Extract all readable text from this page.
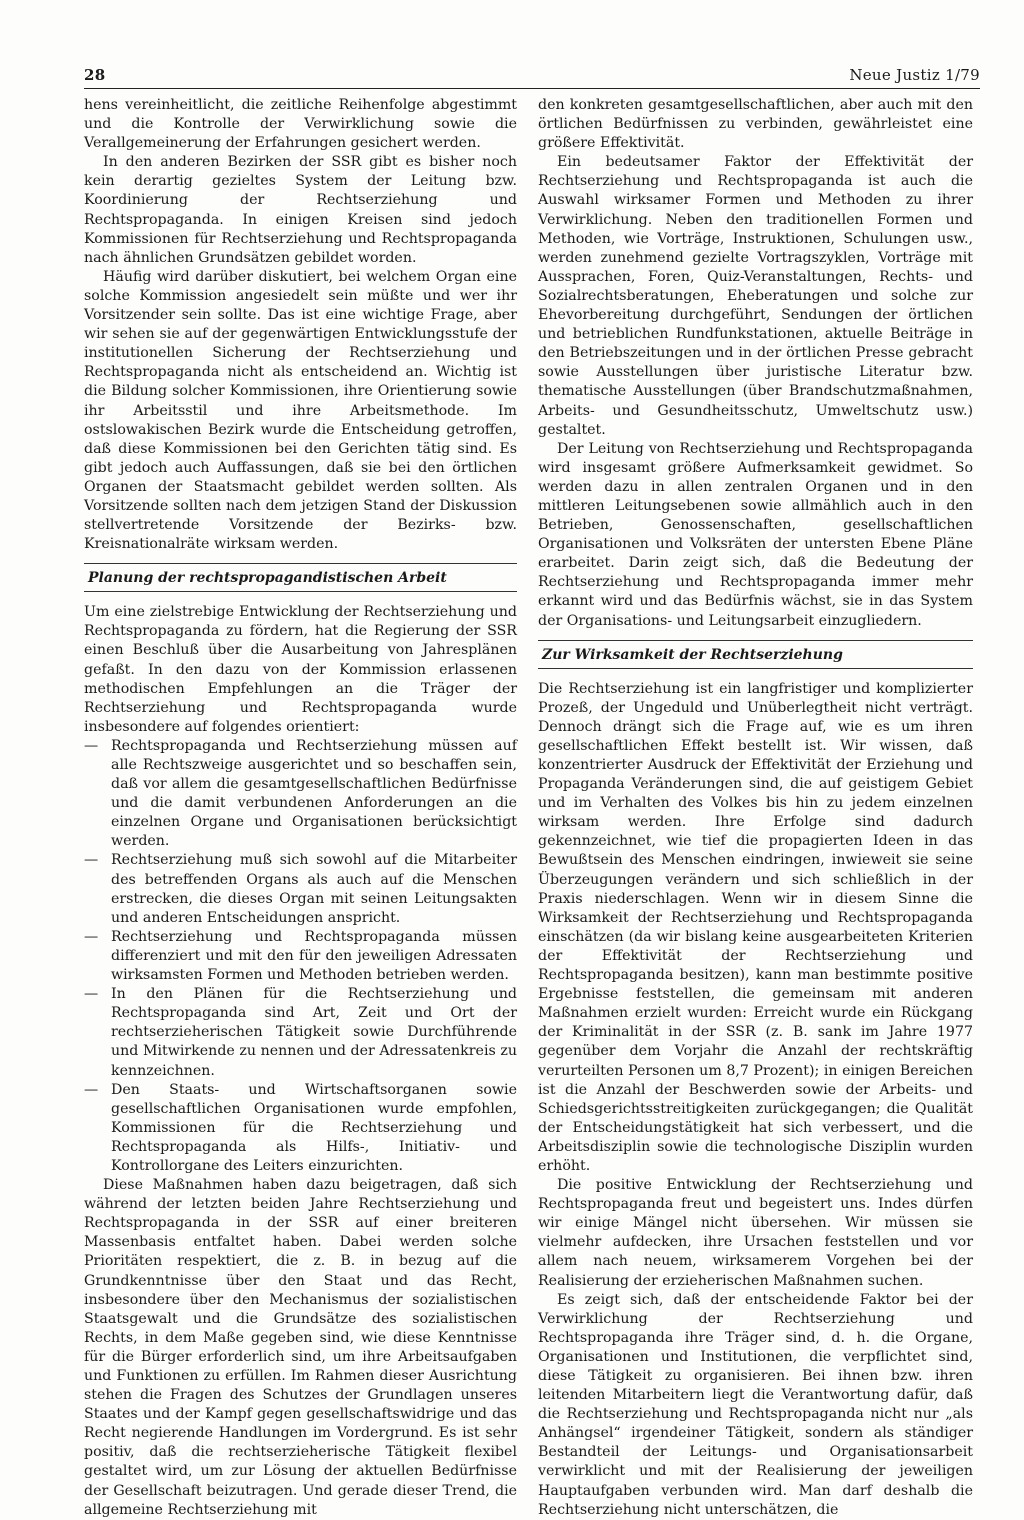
28	Neue Justiz 1/79

hens vereinheitlicht, die zeitliche Reihenfolge abgestimmt und die Kontrolle der Verwirklichung sowie die Verallgemeinerung der Erfahrungen gesichert werden.

In den anderen Bezirken der SSR gibt es bisher noch kein derartig gezieltes System der Leitung bzw. Koordinierung der Rechtserziehung und Rechtspropaganda. In einigen Kreisen sind jedoch Kommissionen für Rechtserziehung und Rechtspropaganda nach ähnlichen Grundsätzen gebildet worden.

Häufig wird darüber diskutiert, bei welchem Organ eine solche Kommission angesiedelt sein müßte und wer ihr Vorsitzender sein sollte. Das ist eine wichtige Frage, aber wir sehen sie auf der gegenwärtigen Entwicklungsstufe der institutionellen Sicherung der Rechtserziehung und Rechtspropaganda nicht als entscheidend an. Wichtig ist die Bildung solcher Kommissionen, ihre Orientierung sowie ihr Arbeitsstil und ihre Arbeitsmethode. Im ostslowakischen Bezirk wurde die Entscheidung getroffen, daß diese Kommissionen bei den Gerichten tätig sind. Es gibt jedoch auch Auffassungen, daß sie bei den örtlichen Organen der Staatsmacht gebildet werden sollten. Als Vorsitzende sollten nach dem jetzigen Stand der Diskussion stellvertretende Vorsitzende der Bezirks- bzw. Kreisnationalräte wirksam werden.

Planung der rechtspropagandistischen Arbeit

Um eine zielstrebige Entwicklung der Rechtserziehung und Rechtspropaganda zu fördern, hat die Regierung der SSR einen Beschluß über die Ausarbeitung von Jahresplänen gefaßt. In den dazu von der Kommission erlassenen methodischen Empfehlungen an die Träger der Rechtserziehung und Rechtspropaganda wurde insbesondere auf folgendes orientiert:

— Rechtspropaganda und Rechtserziehung müssen auf alle Rechtszweige ausgerichtet und so beschaffen sein, daß vor allem die gesamtgesellschaftlichen Bedürfnisse und die damit verbundenen Anforderungen an die einzelnen Organe und Organisationen berücksichtigt werden.
— Rechtserziehung muß sich sowohl auf die Mitarbeiter des betreffenden Organs als auch auf die Menschen erstrecken, die dieses Organ mit seinen Leitungsakten und anderen Entscheidungen anspricht.
— Rechtserziehung und Rechtspropaganda müssen differenziert und mit den für den jeweiligen Adressaten wirksamsten Formen und Methoden betrieben werden.
— In den Plänen für die Rechtserziehung und Rechtspropaganda sind Art, Zeit und Ort der rechtserzieherischen Tätigkeit sowie Durchführende und Mitwirkende zu nennen und der Adressatenkreis zu kennzeichnen.
— Den Staats- und Wirtschaftsorganen sowie gesellschaftlichen Organisationen wurde empfohlen, Kommissionen für die Rechtserziehung und Rechtspropaganda als Hilfs-, Initiativ- und Kontrollorgane des Leiters einzurichten.

Diese Maßnahmen haben dazu beigetragen, daß sich während der letzten beiden Jahre Rechtserziehung und Rechtspropaganda in der SSR auf einer breiteren Massenbasis entfaltet haben. Dabei werden solche Prioritäten respektiert, die z. B. in bezug auf die Grundkenntnisse über den Staat und das Recht, insbesondere über den Mechanismus der sozialistischen Staatsgewalt und die Grundsätze des sozialistischen Rechts, in dem Maße gegeben sind, wie diese Kenntnisse für die Bürger erforderlich sind, um ihre Arbeitsaufgaben und Funktionen zu erfüllen. Im Rahmen dieser Ausrichtung stehen die Fragen des Schutzes der Grundlagen unseres Staates und der Kampf gegen gesellschaftswidrige und das Recht negierende Handlungen im Vordergrund. Es ist sehr positiv, daß die rechtserzieherische Tätigkeit flexibel gestaltet wird, um zur Lösung der aktuellen Bedürfnisse der Gesellschaft beizutragen. Und gerade dieser Trend, die allgemeine Rechtserziehung mit

den konkreten gesamtgesellschaftlichen, aber auch mit den örtlichen Bedürfnissen zu verbinden, gewährleistet eine größere Effektivität.

Ein bedeutsamer Faktor der Effektivität der Rechtserziehung und Rechtspropaganda ist auch die Auswahl wirksamer Formen und Methoden zu ihrer Verwirklichung. Neben den traditionellen Formen und Methoden, wie Vorträge, Instruktionen, Schulungen usw., werden zunehmend gezielte Vortragszyklen, Vorträge mit Aussprachen, Foren, Quiz-Veranstaltungen, Rechts- und Sozialrechtsberatungen, Eheberatungen und solche zur Ehevorbereitung durchgeführt, Sendungen der örtlichen und betrieblichen Rundfunkstationen, aktuelle Beiträge in den Betriebszeitungen und in der örtlichen Presse gebracht sowie Ausstellungen über juristische Literatur bzw. thematische Ausstellungen (über Brandschutzmaßnahmen, Arbeits- und Gesundheitsschutz, Umweltschutz usw.) gestaltet.

Der Leitung von Rechtserziehung und Rechtspropaganda wird insgesamt größere Aufmerksamkeit gewidmet. So werden dazu in allen zentralen Organen und in den mittleren Leitungsebenen sowie allmählich auch in den Betrieben, Genossenschaften, gesellschaftlichen Organisationen und Volksräten der untersten Ebene Pläne erarbeitet. Darin zeigt sich, daß die Bedeutung der Rechtserziehung und Rechtspropaganda immer mehr erkannt wird und das Bedürfnis wächst, sie in das System der Organisations- und Leitungsarbeit einzugliedern.

Zur Wirksamkeit der Rechtserziehung

Die Rechtserziehung ist ein langfristiger und komplizierter Prozeß, der Ungeduld und Unüberlegtheit nicht verträgt. Dennoch drängt sich die Frage auf, wie es um ihren gesellschaftlichen Effekt bestellt ist. Wir wissen, daß konzentrierter Ausdruck der Effektivität der Erziehung und Propaganda Veränderungen sind, die auf geistigem Gebiet und im Verhalten des Volkes bis hin zu jedem einzelnen wirksam werden. Ihre Erfolge sind dadurch gekennzeichnet, wie tief die propagierten Ideen in das Bewußtsein des Menschen eindringen, inwieweit sie seine Überzeugungen verändern und sich schließlich in der Praxis niederschlagen. Wenn wir in diesem Sinne die Wirksamkeit der Rechtserziehung und Rechtspropaganda einschätzen (da wir bislang keine ausgearbeiteten Kriterien der Effektivität der Rechtserziehung und Rechtspropaganda besitzen), kann man bestimmte positive Ergebnisse feststellen, die gemeinsam mit anderen Maßnahmen erzielt wurden: Erreicht wurde ein Rückgang der Kriminalität in der SSR (z. B. sank im Jahre 1977 gegenüber dem Vorjahr die Anzahl der rechtskräftig verurteilten Personen um 8,7 Prozent); in einigen Bereichen ist die Anzahl der Beschwerden sowie der Arbeits- und Schiedsgerichtsstreitigkeiten zurückgegangen; die Qualität der Entscheidungstätigkeit hat sich verbessert, und die Arbeitsdisziplin sowie die technologische Disziplin wurden erhöht.

Die positive Entwicklung der Rechtserziehung und Rechtspropaganda freut und begeistert uns. Indes dürfen wir einige Mängel nicht übersehen. Wir müssen sie vielmehr aufdecken, ihre Ursachen feststellen und vor allem nach neuem, wirksamerem Vorgehen bei der Realisierung der erzieherischen Maßnahmen suchen.

Es zeigt sich, daß der entscheidende Faktor bei der Verwirklichung der Rechtserziehung und Rechtspropaganda ihre Träger sind, d. h. die Organe, Organisationen und Institutionen, die verpflichtet sind, diese Tätigkeit zu organisieren. Bei ihnen bzw. ihren leitenden Mitarbeitern liegt die Verantwortung dafür, daß die Rechtserziehung und Rechtspropaganda nicht nur „als Anhängsel“ irgendeiner Tätigkeit, sondern als ständiger Bestandteil der Leitungs- und Organisationsarbeit verwirklicht und mit der Realisierung der jeweiligen Hauptaufgaben verbunden wird. Man darf deshalb die Rechtserziehung nicht unterschätzen, die
